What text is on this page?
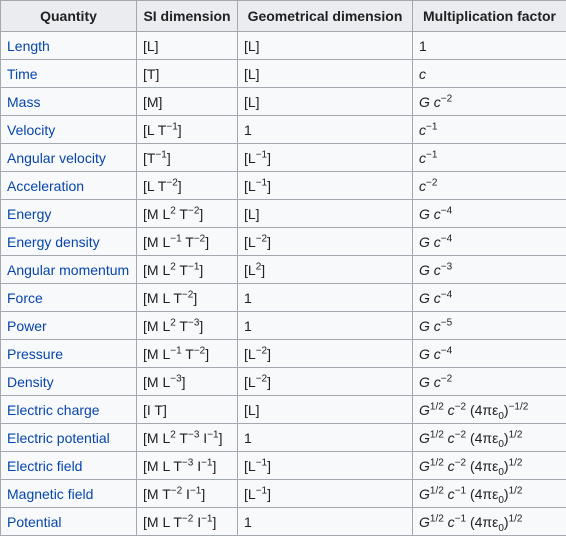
Quantity	SI dimension	Geometrical dimension	Multiplication factor
Length	[L]	[L]	1
Time	[T]	[L]	c
Mass	[M]	[L]	G $c^{-2}$
Velocity	[L $T^{-1}$]	1	$c^{-1}$
Angular velocity	$[T^{-1}]$	$[L^{-1}]$	$c^{-1}$
Acceleration	[L $T^{-2}$]	$[L^{-1}]$	$c^{-2}$
Energy	[M $L^2$ $T^{-2}$]	[L]	G $c^{-4}$
Energy density	[M $L^{-1}$ $T^{-2}$]	$[L^{-2}]$	G $c^{-4}$
Angular momentum	[M $L^2$ $T^{-1}$]	$[L^2]$	G $c^{-3}$
Force	[M L $T^{-2}$]	1	G $c^{-4}$
Power	[M $L^2$ $T^{-3}$]	1	G $c^{-5}$
Pressure	[M $L^{-1}$ $T^{-2}$]	$[L^{-2}]$	G $c^{-4}$
Density	[M $L^{-3}$]	$[L^{-2}]$	G $c^{-2}$
Electric charge	[I T]	[L]	$G^{1/2}$ $c^{-2}$ $(4\pi\varepsilon_0)^{-1/2}$
Electric potential	[M $L^2$ $T^{-3}$ $I^{-1}$]	1	$G^{1/2}$ $c^{-2}$ $(4\pi\varepsilon_0)^{1/2}$
Electric field	[M L $T^{-3}$ $I^{-1}$]	$[L^{-1}]$	$G^{1/2}$ $c^{-2}$ $(4\pi\varepsilon_0)^{1/2}$
Magnetic field	[M $T^{-2}$ $I^{-1}$]	$[L^{-1}]$	$G^{1/2}$ $c^{-1}$ $(4\pi\varepsilon_0)^{1/2}$
Potential	[M L $T^{-2}$ $I^{-1}$]	1	$G^{1/2}$ $c^{-1}$ $(4\pi\varepsilon_0)^{1/2}$
